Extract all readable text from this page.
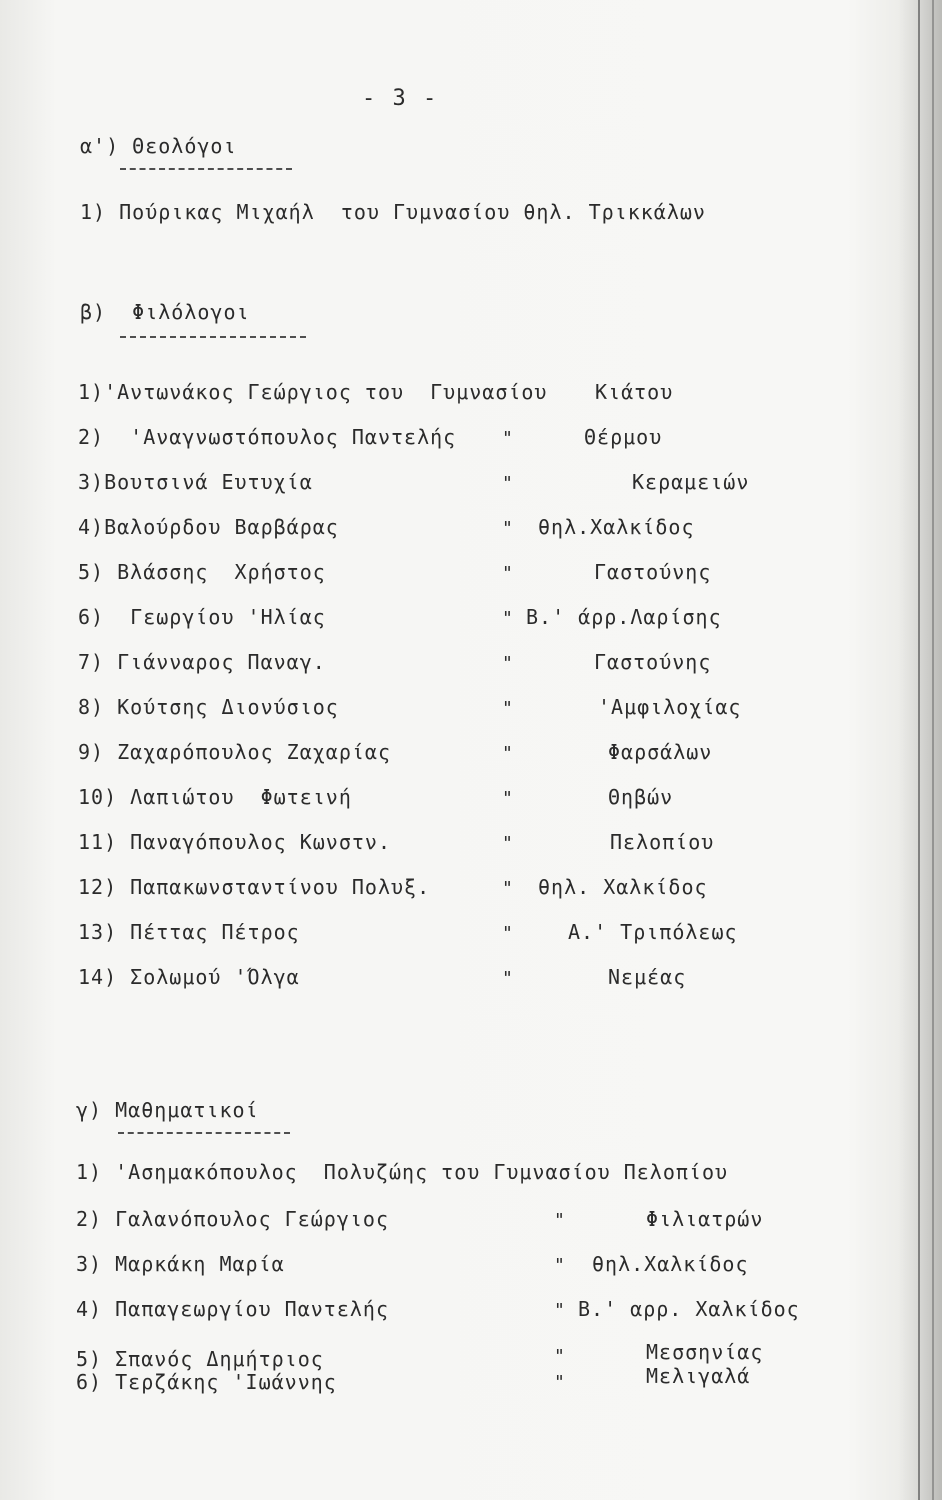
- 3 -
α') Θεολόγοι
1) Πούρικας Μιχαήλ  του Γυμνασίου θηλ. Τρικκάλων
β)  Φιλόλογοι
1)'Αντωνάκος Γεώργιος του  Γυμνασίου Κιάτου
2)  'Αναγνωστόπουλος Παντελής	"	Θέρμου
3)Βουτσινά Ευτυχία	"	Κεραμειών
4)Βαλούρδου Βαρβάρας	" θηλ.Χαλκίδος
5) Βλάσσης  Χρήστος	"	Γαστούνης
6)  Γεωργίου 'Ηλίας	" Β.' άρρ.Λαρίσης
7) Γιάνναρος Παναγ.	"	Γαστούνης
8) Κούτσης Διονύσιος	"	'Αμφιλοχίας
9) Ζαχαρόπουλος Ζαχαρίας	"	Φαρσάλων
10) Λαπιώτου  Φωτεινή	"	Θηβών
11) Παναγόπουλος Κωνστν.	"	Πελοπίου
12) Παπακωνσταντίνου Πολυξ.	" θηλ. Χαλκίδος
13) Πέττας Πέτρος	"	Α.' Τριπόλεως
14) Σολωμού 'Όλγα	"	Νεμέας
γ) Μαθηματικοί
1) 'Ασημακόπουλος  Πολυζώης του Γυμνασίου Πελοπίου
2) Γαλανόπουλος Γεώργιος	"	Φιλιατρών
3) Μαρκάκη Μαρία	" θηλ.Χαλκίδος
4) Παπαγεωργίου Παντελής	" Β.' αρρ. Χαλκίδος
5) Σπανός Δημήτριος	"	Μεσσηνίας
6) Τερζάκης 'Ιωάννης	"	Μελιγαλά
